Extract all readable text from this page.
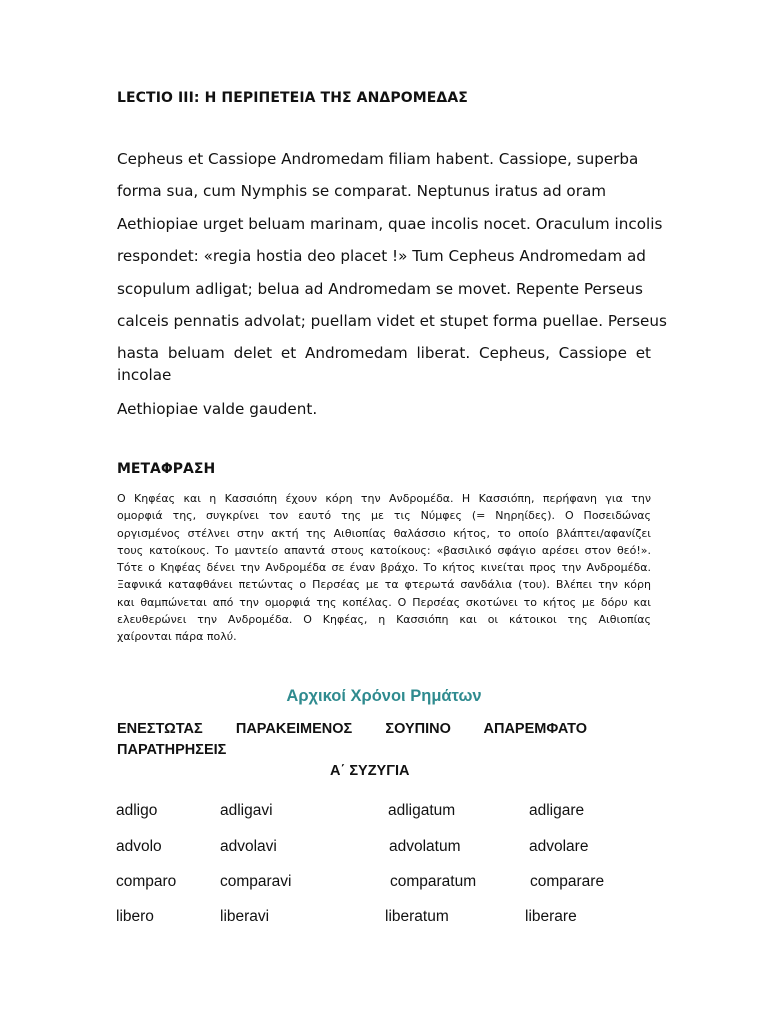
LECTIO III: Η ΠΕΡΙΠΕΤΕΙΑ ΤΗΣ ΑΝΔΡΟΜΕΔΑΣ
Cepheus et Cassiope Andromedam filiam habent. Cassiope, superba
forma sua, cum Nymphis se comparat. Neptunus iratus ad oram
Aethiopiae urget beluam marinam, quae incolis nocet. Oraculum incolis
respondet: «regia hostia deo placet !» Tum Cepheus Andromedam ad
scopulum adligat; belua ad Andromedam se movet. Repente Perseus
calceis pennatis advolat; puellam videt et stupet forma puellae. Perseus
hasta beluam delet et Andromedam liberat. Cepheus, Cassiope et
incolae
Aethiopiae valde gaudent.
ΜΕΤΑΦΡΑΣΗ
Ο Κηφέας και η Κασσιόπη έχουν κόρη την Ανδρομέδα. Η Κασσιόπη, περήφανη για την
ομορφιά της, συγκρίνει τον εαυτό της με τις Νύμφες (= Νηρηίδες). Ο Ποσειδώνας
οργισμένος στέλνει στην ακτή της Αιθιοπίας θαλάσσιο κήτος, το οποίο βλάπτει/αφανίζει
τους κατοίκους. Το μαντείο απαντά στους κατοίκους: «βασιλικό σφάγιο αρέσει στον θεό!».
Τότε ο Κηφέας δένει την Ανδρομέδα σε έναν βράχο. Το κήτος κινείται προς την Ανδρομέδα.
Ξαφνικά καταφθάνει πετώντας ο Περσέας με τα φτερωτά σανδάλια (του). Βλέπει την κόρη
και θαμπώνεται από την ομορφιά της κοπέλας. Ο Περσέας σκοτώνει το κήτος με δόρυ και
ελευθερώνει την Ανδρομέδα. Ο Κηφέας, η Κασσιόπη και οι κάτοικοι της Αιθιοπίας
χαίρονται πάρα πολύ.
Αρχικοί Χρόνοι Ρημάτων
ΕΝΕΣΤΩΤΑΣ ΠΑΡΑΚΕΙΜΕΝΟΣ ΣΟΥΠΙΝΟ ΑΠΑΡΕΜΦΑΤΟ
ΠΑΡΑΤΗΡΗΣΕΙΣ
Α΄ ΣΥΖΥΓΙΑ
adligo	adligavi	adligatum	adligare
advolo	advolavi	advolatum	advolare
comparo	comparavi	comparatum	comparare
libero	liberavi	liberatum	liberare
